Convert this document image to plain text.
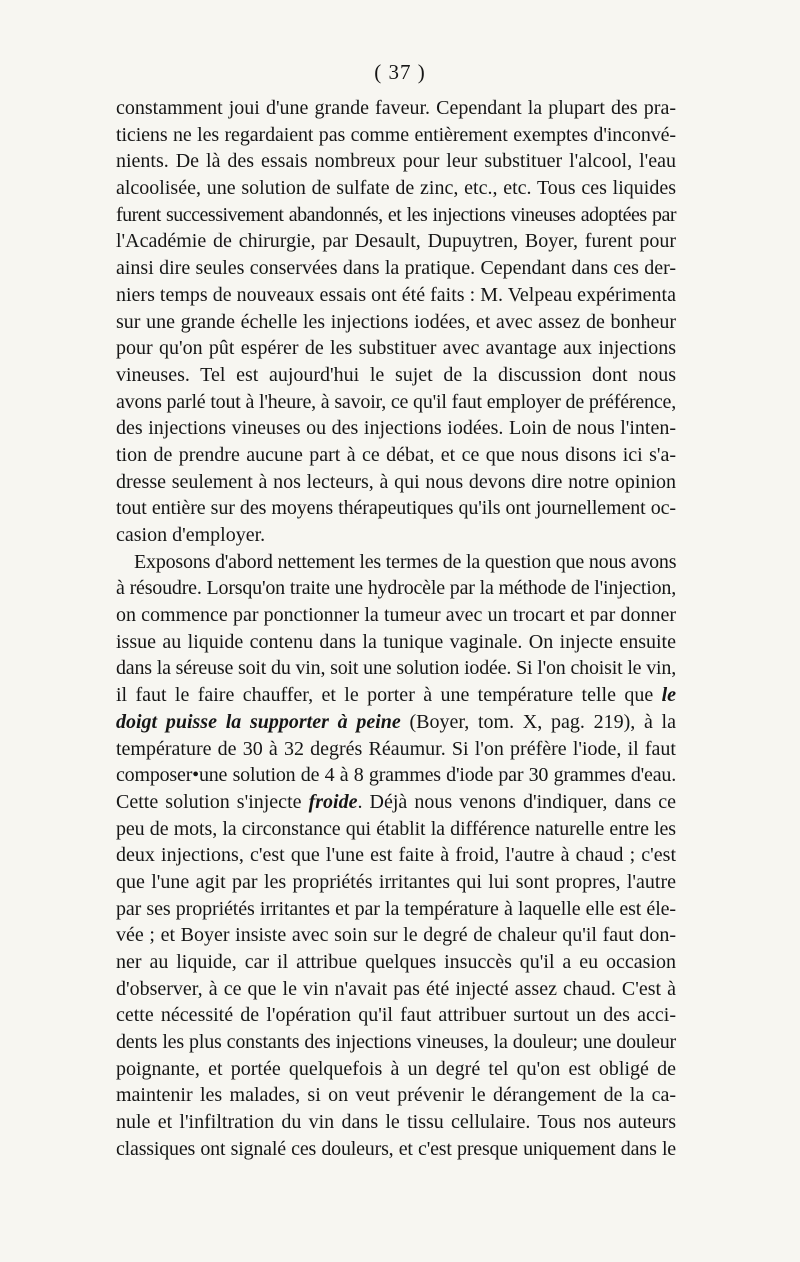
( 37 )
constamment joui d'une grande faveur. Cependant la plupart des pra-
ticiens ne les regardaient pas comme entièrement exemptes d'inconvé-
nients. De là des essais nombreux pour leur substituer l'alcool, l'eau
alcoolisée, une solution de sulfate de zinc, etc., etc. Tous ces liquides
furent successivement abandonnés, et les injections vineuses adoptées par
l'Académie de chirurgie, par Desault, Dupuytren, Boyer, furent pour
ainsi dire seules conservées dans la pratique. Cependant dans ces der-
niers temps de nouveaux essais ont été faits : M. Velpeau expérimenta
sur une grande échelle les injections iodées, et avec assez de bonheur
pour qu'on pût espérer de les substituer avec avantage aux injections
vineuses. Tel est aujourd'hui le sujet de la discussion dont nous
avons parlé tout à l'heure, à savoir, ce qu'il faut employer de préférence,
des injections vineuses ou des injections iodées. Loin de nous l'inten-
tion de prendre aucune part à ce débat, et ce que nous disons ici s'a-
dresse seulement à nos lecteurs, à qui nous devons dire notre opinion
tout entière sur des moyens thérapeutiques qu'ils ont journellement oc-
casion d'employer.
Exposons d'abord nettement les termes de la question que nous avons
à résoudre. Lorsqu'on traite une hydrocèle par la méthode de l'injection,
on commence par ponctionner la tumeur avec un trocart et par donner
issue au liquide contenu dans la tunique vaginale. On injecte ensuite
dans la séreuse soit du vin, soit une solution iodée. Si l'on choisit le vin,
il faut le faire chauffer, et le porter à une température telle que le
doigt puisse la supporter à peine (Boyer, tom. X, pag. 219), à la
température de 30 à 32 degrés Réaumur. Si l'on préfère l'iode, il faut
composer•une solution de 4 à 8 grammes d'iode par 30 grammes d'eau.
Cette solution s'injecte froide. Déjà nous venons d'indiquer, dans ce
peu de mots, la circonstance qui établit la différence naturelle entre les
deux injections, c'est que l'une est faite à froid, l'autre à chaud ; c'est
que l'une agit par les propriétés irritantes qui lui sont propres, l'autre
par ses propriétés irritantes et par la température à laquelle elle est éle-
vée ; et Boyer insiste avec soin sur le degré de chaleur qu'il faut don-
ner au liquide, car il attribue quelques insuccès qu'il a eu occasion
d'observer, à ce que le vin n'avait pas été injecté assez chaud. C'est à
cette nécessité de l'opération qu'il faut attribuer surtout un des acci-
dents les plus constants des injections vineuses, la douleur; une douleur
poignante, et portée quelquefois à un degré tel qu'on est obligé de
maintenir les malades, si on veut prévenir le dérangement de la ca-
nule et l'infiltration du vin dans le tissu cellulaire. Tous nos auteurs
classiques ont signalé ces douleurs, et c'est presque uniquement dans le
